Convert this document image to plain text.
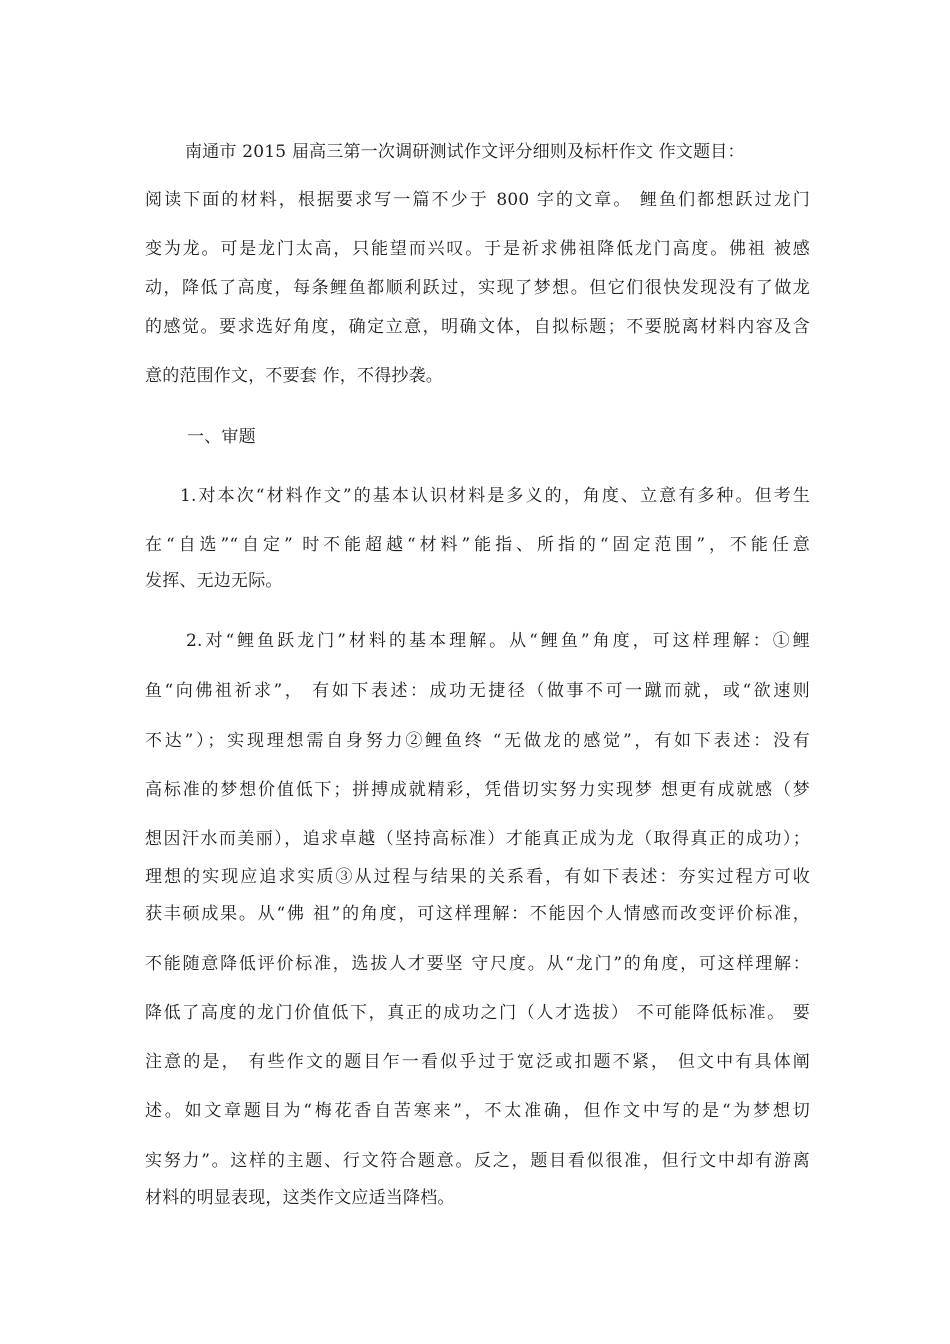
南通市 2015 届高三第一次调研测试作文评分细则及标杆作文 作文题目：
阅读下面的材料，根据要求写一篇不少于 800 字的文章。 鲤鱼们都想跃过龙门
变为龙。可是龙门太高，只能望而兴叹。于是祈求佛祖降低龙门高度。佛祖 被感
动，降低了高度，每条鲤鱼都顺利跃过，实现了梦想。但它们很快发现没有了做龙
的感觉。要求选好角度，确定立意，明确文体，自拟标题；不要脱离材料内容及含
意的范围作文，不要套 作，不得抄袭。
一、审题
1.对本次“材料作文”的基本认识材料是多义的，角度、立意有多种。但考生
在“自选”“自定” 时不能超越“材料”能指、所指的“固定范围”，不能任意
发挥、无边无际。
2.对“鲤鱼跃龙门”材料的基本理解。从“鲤鱼”角度，可这样理解：①鲤
鱼“向佛祖祈求”， 有如下表述：成功无捷径（做事不可一蹴而就，或“欲速则
不达”）；实现理想需自身努力②鲤鱼终 “无做龙的感觉”，有如下表述：没有
高标准的梦想价值低下；拼搏成就精彩，凭借切实努力实现梦 想更有成就感（梦
想因汗水而美丽），追求卓越（坚持高标准）才能真正成为龙（取得真正的成功）；
理想的实现应追求实质③从过程与结果的关系看，有如下表述：夯实过程方可收
获丰硕成果。从“佛 祖”的角度，可这样理解：不能因个人情感而改变评价标准，
不能随意降低评价标准，选拔人才要坚 守尺度。从“龙门”的角度，可这样理解：
降低了高度的龙门价值低下，真正的成功之门（人才选拔） 不可能降低标准。 要
注意的是， 有些作文的题目乍一看似乎过于宽泛或扣题不紧， 但文中有具体阐
述。如文章题目为“梅花香自苦寒来”，不太准确，但作文中写的是“为梦想切
实努力”。这样的主题、行文符合题意。反之，题目看似很准，但行文中却有游离
材料的明显表现，这类作文应适当降档。
